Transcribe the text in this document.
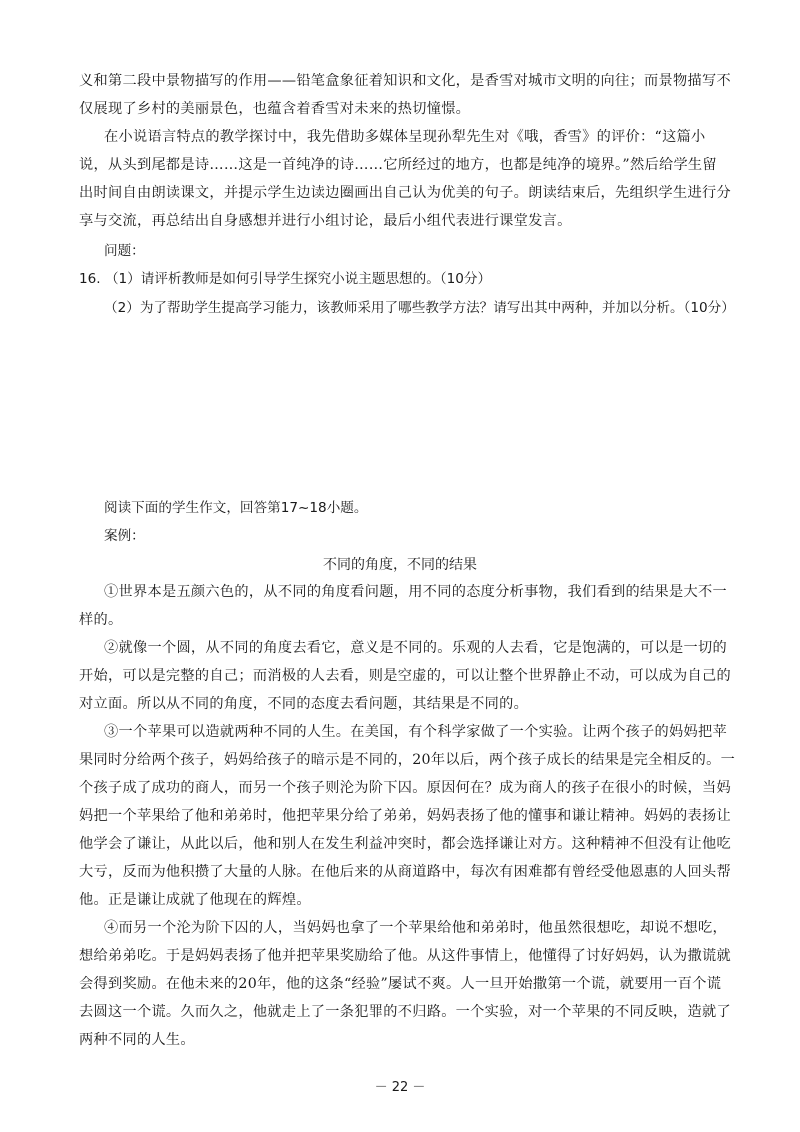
义和第二段中景物描写的作用——铅笔盒象征着知识和文化，是香雪对城市文明的向往；而景物描写不
仅展现了乡村的美丽景色，也蕴含着香雪对未来的热切憧憬。
在小说语言特点的教学探讨中，我先借助多媒体呈现孙犁先生对《哦，香雪》的评价：“这篇小
说，从头到尾都是诗……这是一首纯净的诗……它所经过的地方，也都是纯净的境界。”然后给学生留
出时间自由朗读课文，并提示学生边读边圈画出自己认为优美的句子。朗读结束后，先组织学生进行分
享与交流，再总结出自身感想并进行小组讨论，最后小组代表进行课堂发言。
问题：
16. （1）请评析教师是如何引导学生探究小说主题思想的。（10分）
（2）为了帮助学生提高学习能力，该教师采用了哪些教学方法？请写出其中两种，并加以分析。（10分）
阅读下面的学生作文，回答第17~18小题。
案例：
不同的角度，不同的结果
①世界本是五颜六色的，从不同的角度看问题，用不同的态度分析事物，我们看到的结果是大不一
样的。
②就像一个圆，从不同的角度去看它，意义是不同的。乐观的人去看，它是饱满的，可以是一切的
开始，可以是完整的自己；而消极的人去看，则是空虚的，可以让整个世界静止不动，可以成为自己的
对立面。所以从不同的角度，不同的态度去看问题，其结果是不同的。
③一个苹果可以造就两种不同的人生。在美国，有个科学家做了一个实验。让两个孩子的妈妈把苹
果同时分给两个孩子，妈妈给孩子的暗示是不同的，20年以后，两个孩子成长的结果是完全相反的。一
个孩子成了成功的商人，而另一个孩子则沦为阶下囚。原因何在？成为商人的孩子在很小的时候，当妈
妈把一个苹果给了他和弟弟时，他把苹果分给了弟弟，妈妈表扬了他的懂事和谦让精神。妈妈的表扬让
他学会了谦让，从此以后，他和别人在发生利益冲突时，都会选择谦让对方。这种精神不但没有让他吃
大亏，反而为他积攒了大量的人脉。在他后来的从商道路中，每次有困难都有曾经受他恩惠的人回头帮
他。正是谦让成就了他现在的辉煌。
④而另一个沦为阶下囚的人，当妈妈也拿了一个苹果给他和弟弟时，他虽然很想吃，却说不想吃，
想给弟弟吃。于是妈妈表扬了他并把苹果奖励给了他。从这件事情上，他懂得了讨好妈妈，认为撒谎就
会得到奖励。在他未来的20年，他的这条“经验”屡试不爽。人一旦开始撒第一个谎，就要用一百个谎
去圆这一个谎。久而久之，他就走上了一条犯罪的不归路。一个实验，对一个苹果的不同反映，造就了
两种不同的人生。
－ 22 －
